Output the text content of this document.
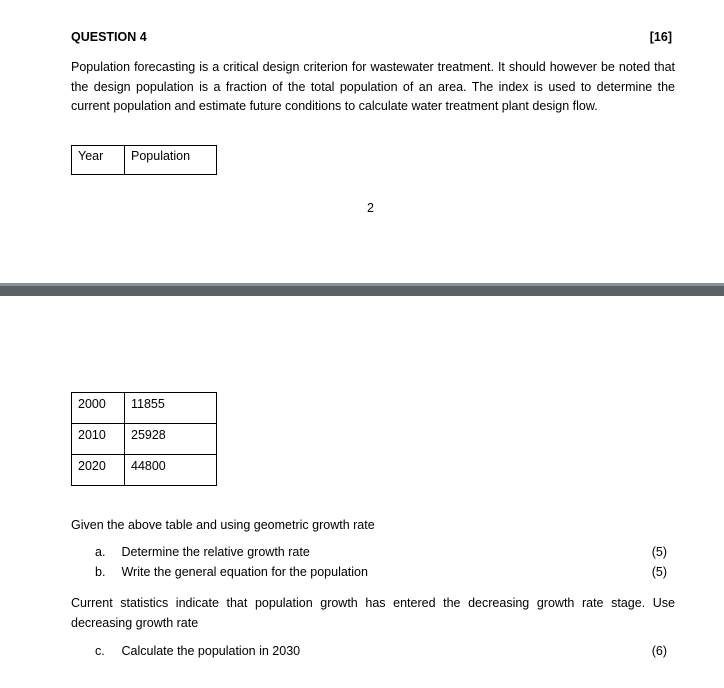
QUESTION 4	[16]
Population forecasting is a critical design criterion for wastewater treatment. It should however be noted that the design population is a fraction of the total population of an area. The index is used to determine the current population and estimate future conditions to calculate water treatment plant design flow.
Year	Population
2
2000	11855
2010	25928
2020	44800
Given the above table and using geometric growth rate
a. Determine the relative growth rate	(5)
b. Write the general equation for the population	(5)
Current statistics indicate that population growth has entered the decreasing growth rate stage. Use decreasing growth rate
c. Calculate the population in 2030	(6)
